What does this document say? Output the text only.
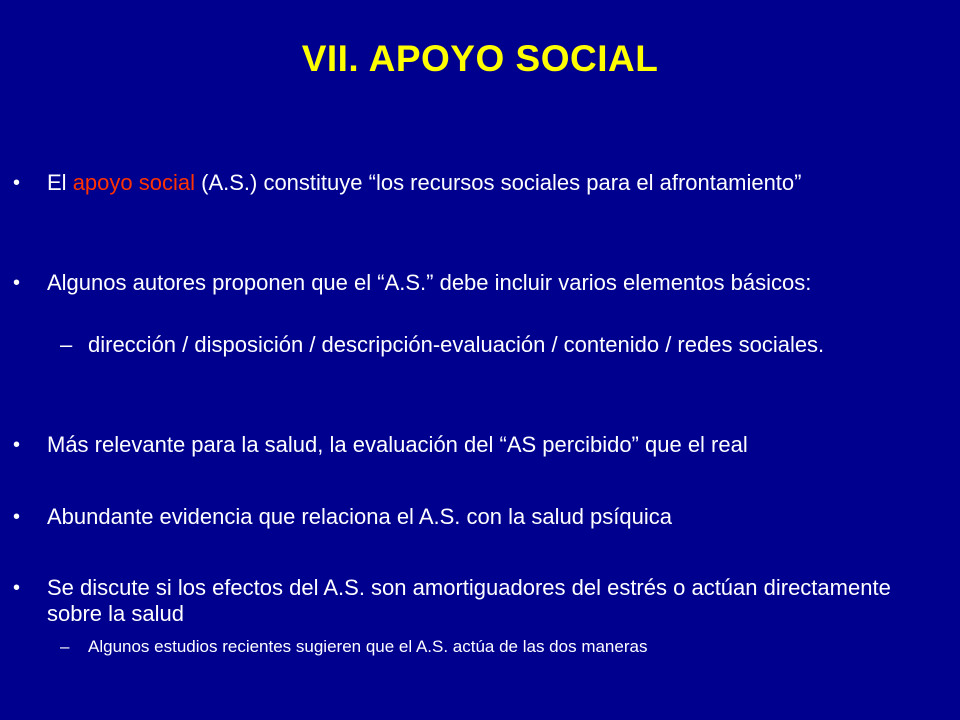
VII. APOYO SOCIAL
• El apoyo social (A.S.) constituye “los recursos sociales para el afrontamiento”
• Algunos autores proponen que el “A.S.” debe incluir varios elementos básicos:
– dirección / disposición / descripción-evaluación / contenido / redes sociales.
• Más relevante para la salud, la evaluación del “AS percibido” que el real
• Abundante evidencia que relaciona el A.S. con la salud psíquica
• Se discute si los efectos del A.S. son amortiguadores del estrés o actúan directamente sobre la salud
– Algunos estudios recientes sugieren que el A.S. actúa de las dos maneras
